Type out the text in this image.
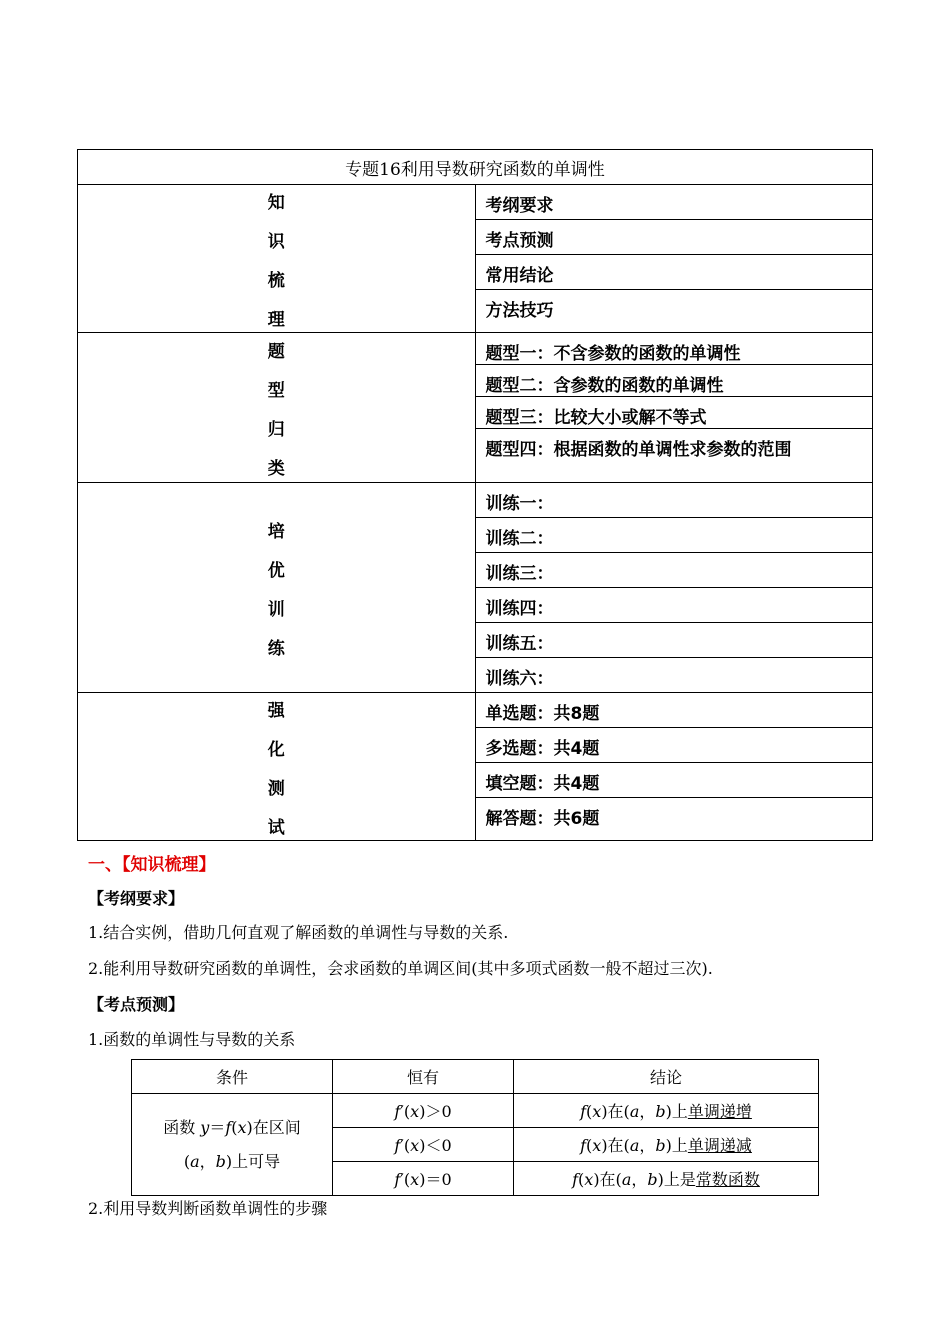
专题16利用导数研究函数的单调性	

知
识
梳
理	考纲要求
	考点预测
	常用结论
	方法技巧

题
型
归
类	题型一：不含参数的函数的单调性
	题型二：含参数的函数的单调性
	题型三：比较大小或解不等式
	题型四：根据函数的单调性求参数的范围

培
优
训
练	训练一：
	训练二：
	训练三：
	训练四：
	训练五：
	训练六：

强
化
测
试	单选题：共8题
	多选题：共4题
	填空题：共4题
	解答题：共6题
一、【知识梳理】
【考纲要求】
1.结合实例，借助几何直观了解函数的单调性与导数的关系.
2.能利用导数研究函数的单调性，会求函数的单调区间(其中多项式函数一般不超过三次).
【考点预测】
1.函数的单调性与导数的关系
条件	恒有	结论

函数 y＝f(x)在区间
(a，b)上可导	f′(x)＞0	f(x)在(a，b)上单调递增
	f′(x)＜0	f(x)在(a，b)上单调递减
	f′(x)＝0	f(x)在(a，b)上是常数函数
2.利用导数判断函数单调性的步骤
